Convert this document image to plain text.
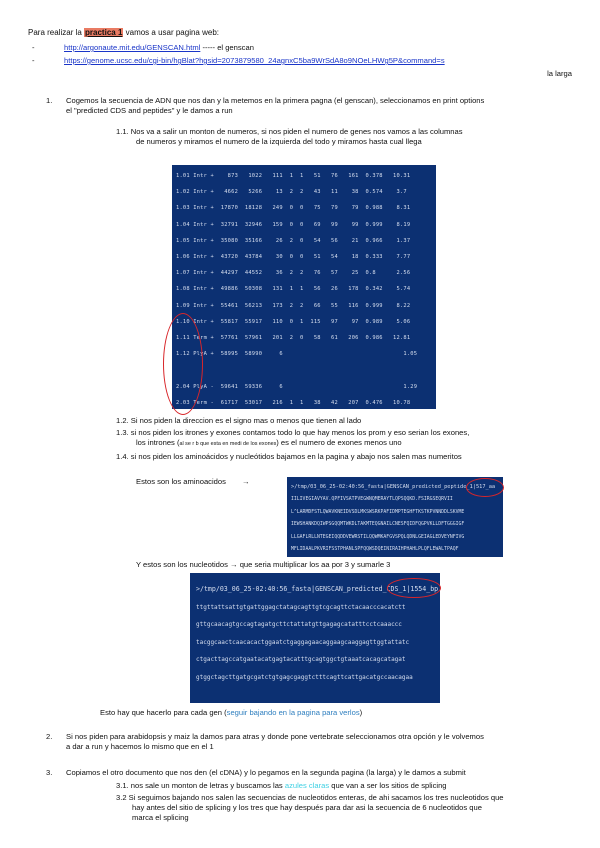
Para realizar la practica 1 vamos a usar pagina web:
-	http://argonaute.mit.edu/GENSCAN.html ----- el genscan
-	https://genome.ucsc.edu/cgi-bin/hgBlat?hgsid=2073879580_24agnxC5ba9WrSdA8o9NOeLHWg5P&command=s
la larga
1. Cogemos la secuencia de ADN que nos dan y la metemos en la primera pagna (el genscan), seleccionamos en print options
el "predicted CDS and peptides" y le damos a run
1.1. Nos va a salir un monton de numeros, si nos piden el numero de genes nos vamos a las columnas
de numeros y miramos el numero de la izquierda del todo y miramos hasta cual llega
1.01 Intr +    873   1022   111  1  1   51   76   161  0.378   10.31
1.02 Intr +   4662   5266    13  2  2   43   11    38  0.574    3.7
1.03 Intr +  17870  18128   249  0  0   75   79    79  0.988    8.31
1.04 Intr +  32791  32946   159  0  0   69   99    99  0.999    8.19
1.05 Intr +  35080  35166    26  2  0   54   56    21  0.966    1.37
1.06 Intr +  43720  43784    30  0  0   51   54    18  0.333    7.77
1.07 Intr +  44297  44552    36  2  2   76   57    25  0.8      2.56
1.08 Intr +  49886  50308   131  1  1   56   26   178  0.342    5.74
1.09 Intr +  55461  56213   173  2  2   66   55   116  0.999    8.22
1.10 Intr +  55817  55917   110  0  1  115   97    97  0.989    5.06
1.11 Term +  57761  57961   201  2  0   58   61   206  0.986   12.81
1.12 PlyA +  58995  58990     6                                   1.05

2.04 PlyA -  59641  59336     6                                   1.29
2.03 Term -  61717  53017   216  1  1   38   42   207  0.476   10.78
1.2. Si nos piden la direccion es el signo mas o menos que tienen al lado
1.3. si nos piden los itrones y exones contamos todo lo que hay menos los prom y eso serian los exones,
los intrones (al se r b que esta en medi de los exones) es el numero de exones menos uno
1.4. si nos piden los aminoácidos y nucleótidos bajamos en la pagina y abajo nos salen mas numeritos
Estos son los aminoacidos →
>/tmp/03_06_25-02:40:56_fasta|GENSCAN_predicted_peptide_1|517_aa
IILIVEGIAVYAV.QPFIVSATPVEGWNQMERAYTLQPSQQKD.FSIRGSEQRVII
L^LARMDFSTLQWAVKNEIDVSDLMKSWSRKPAFIDMPTEGHFTKSTKPVNNDDLSKVME
IEWSHANKDQIWPSGQQMTWKDLTAKMTEQGNAILCNESFQIDFQGPVKLLDFTGGGIGF
LLGAFLRLLNTEGEIQQDDVEWRSTILQQWMKAFGVSPQLQDNLGEIAGLEDVEYNFIVG
MFLIDAALPKVRIFSSTPHANLSPFQQWSDQEINIRAIHPHAHLPLQFLEWALTPAQF
Y estos son los nucleotidos → que seria multiplicar los aa por 3 y sumarle 3
>/tmp/03_06_25-02:40:56_fasta|GENSCAN_predicted_CDS_1|1554_bp
ttgttattsattgtgattggagctatagcagttgtcgcagttctacaacccacatctt
gttgcaacagtgccagtagatgcttctattatgttgagagcatatttcctcaaaccc
tacggcaactcaacacactggaatctgaggagaacaggaagcaaggagttggtattatc
ctgacttagccatgaatacatgagtacatttgcagtggctgtaaatcacagcatagat
gtggctagcttgatgcgatctgtgagcgaggtctttcagttcattgacatgccaacagaa
Esto hay que hacerlo para cada gen (seguir bajando en la pagina para verlos)
2. Si nos piden para arabidopsis y maiz la damos para atras y donde pone vertebrate seleccionamos otra opción y le volvemos
a dar a run y hacemos lo mismo que en el 1
3. Copiamos el otro documento que nos den (el cDNA) y lo pegamos en la segunda pagina (la larga) y le damos a submit
3.1. nos sale un monton de letras y buscamos las azules claras que van a ser los sitios de splicing
3.2 Si seguimos bajando nos salen las secuencias de nucleotidos enteras, de ahi sacamos los tres nucleotidos que
hay antes del sitio de splicing y los tres que hay después para dar asi la secuencia de 6 nucleotidos que
marca el splicing
